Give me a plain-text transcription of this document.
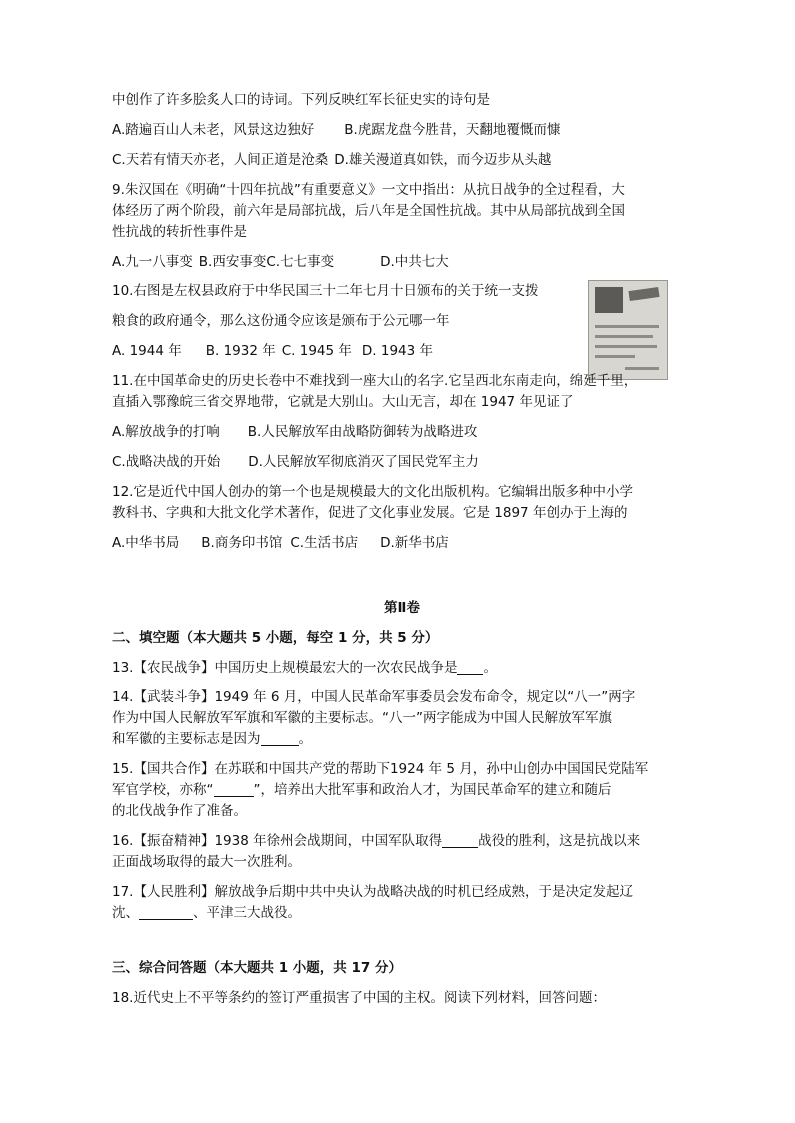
中创作了许多脍炙人口的诗词。下列反映红军长征史实的诗句是

A.踏遍百山人未老，风景这边独好 B.虎踞龙盘今胜昔，天翻地覆慨而慷

C.天若有情天亦老，人间正道是沧桑 D.雄关漫道真如铁，而今迈步从头越

9.朱汉国在《明确“十四年抗战”有重要意义》一文中指出：从抗日战争的全过程看，大

体经历了两个阶段，前六年是局部抗战，后八年是全国性抗战。其中从局部抗战到全国

性抗战的转折性事件是

A.九一八事变 B.西安事变C.七七事变	D.中共七大

10.右图是左权县政府于中华民国三十二年七月十日颁布的关于统一支拨

粮食的政府通令，那么这份通令应该是颁布于公元哪一年

A. 1944 年 B. 1932 年 C. 1945 年 D. 1943 年

11.在中国革命史的历史长卷中不难找到一座大山的名字.它呈西北东南走向，绵延千里，

直插入鄂豫皖三省交界地带，它就是大别山。大山无言，却在 1947 年见证了

A.解放战争的打响 B.人民解放军由战略防御转为战略进攻

C.战略决战的开始 D.人民解放军彻底消灭了国民党军主力

12.它是近代中国人创办的第一个也是规模最大的文化出版机构。它编辑出版多种中小学

教科书、字典和大批文化学术著作，促进了文化事业发展。它是 1897 年创办于上海的

A.中华书局 B.商务印书馆 C.生活书店 D.新华书店

第Ⅱ卷

二、填空题（本大题共 5 小题，每空 1 分，共 5 分）

13.【农民战争】中国历史上规模最宏大的一次农民战争是 。

14.【武装斗争】1949 年 6 月，中国人民革命军事委员会发布命令，规定以“八一”两字

作为中国人民解放军军旗和军徽的主要标志。“八一”两字能成为中国人民解放军军旗

和军徽的主要标志是因为	。

15.【国共合作】在苏联和中国共产党的帮助下1924 年 5 月，孙中山创办中国国民党陆军

军官学校，亦称“	”，培养出大批军事和政治人才，为国民革命军的建立和随后

的北伐战争作了准备。

16.【振奋精神】1938 年徐州会战期间，中国军队取得	战役的胜利，这是抗战以来

正面战场取得的最大一次胜利。

17.【人民胜利】解放战争后期中共中央认为战略决战的时机已经成熟，于是决定发起辽

沈、	、平津三大战役。

三、综合问答题（本大题共 1 小题，共 17 分）

18.近代史上不平等条约的签订严重损害了中国的主权。阅读下列材料，回答问题：
